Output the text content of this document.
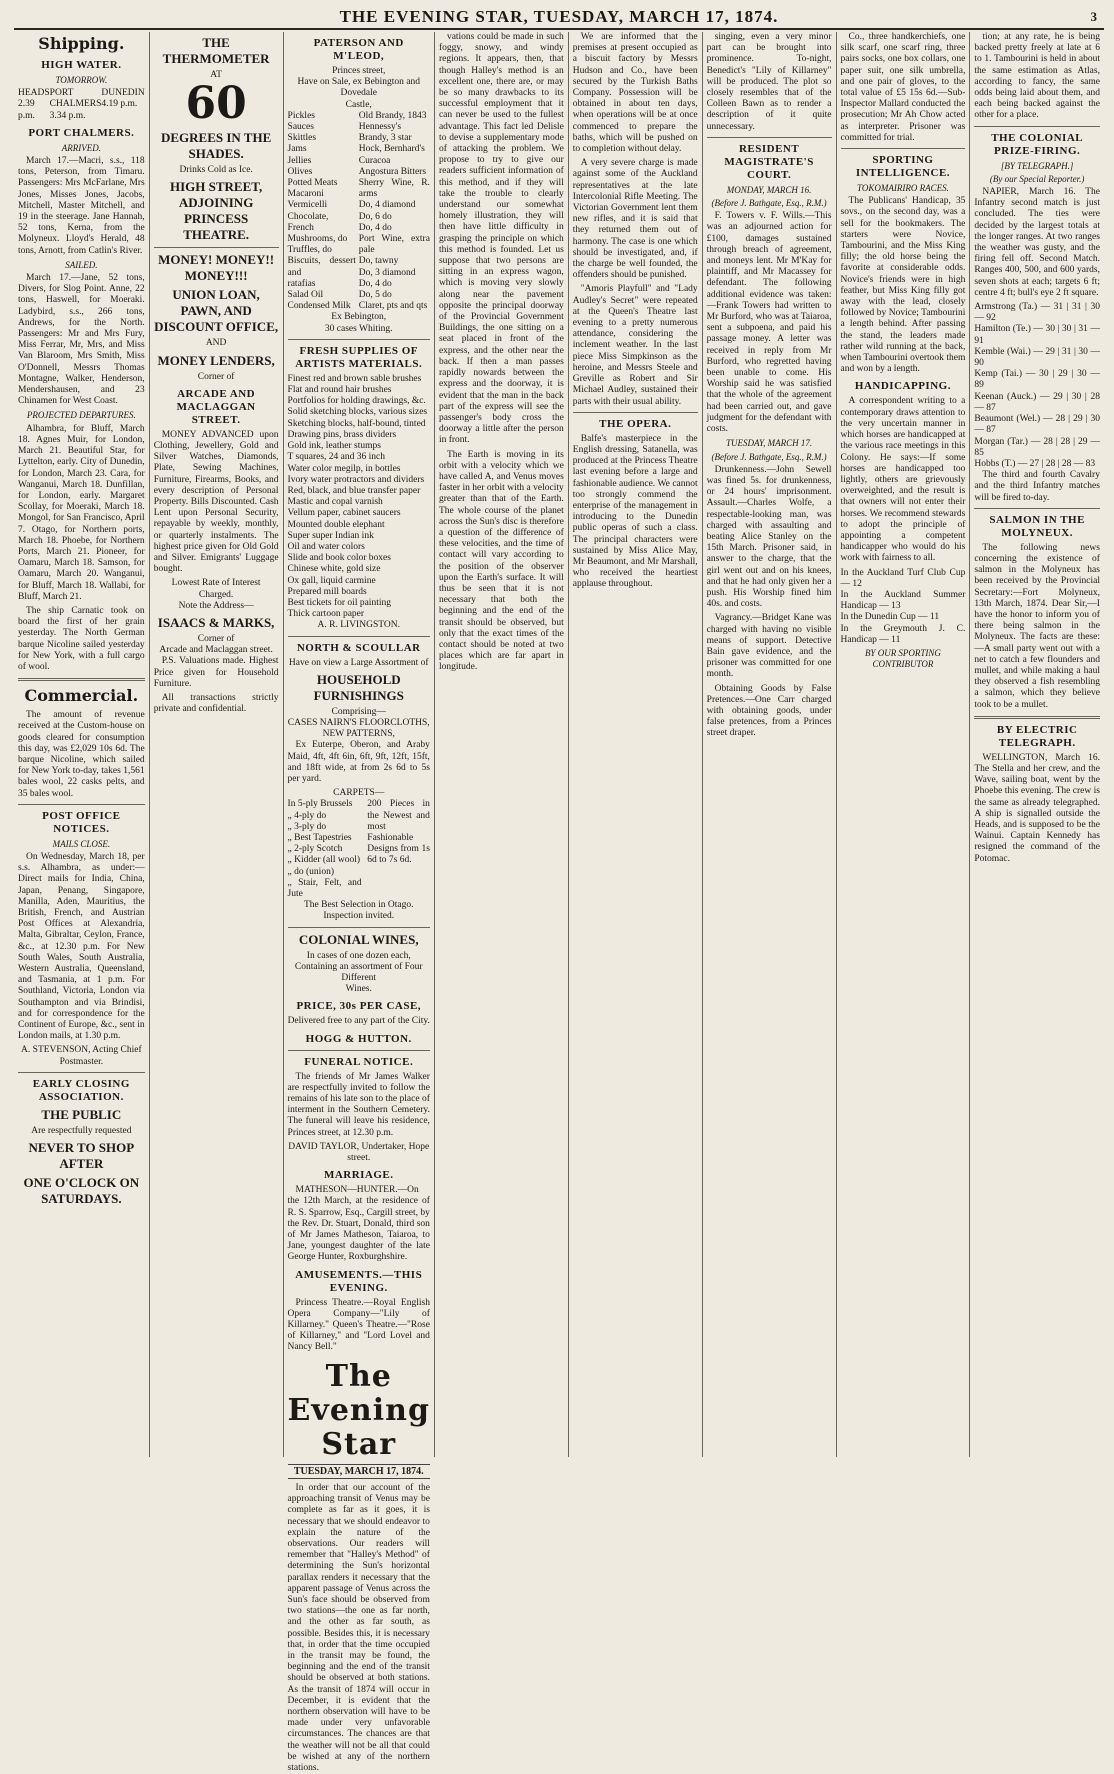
THE EVENING STAR, TUESDAY, MARCH 17, 1874.	3
Shipping.
HIGH WATER.
TOMORROW.
HEADS 2.39 p.m.
PORT CHALMERS 3.34 p.m.
DUNEDIN 4.19 p.m.
PORT CHALMERS.
ARRIVED.

March 17.—Macri, s.s., 118 tons, Peterson, from Timaru. Passengers: Mrs McFarlane, Mrs Jones, Misses Jones, Jacobs, Mitchell, Master Mitchell, and 19 in the steerage. Jane Hannah, 52 tons, Kerna, from the Molyneux. Lloyd's Herald, 48 tons, Arnott, from Catlin's River.

SAILED.

March 17.—Jane, 52 tons, Divers, for Slog Point. Anne, 22 tons, Haswell, for Moeraki. Ladybird, s.s., 266 tons, Andrews, for the North. Passengers: Mr and Mrs Fury, Miss Ferrar, Mr, Mrs, and Miss Van Blaroom, Mrs Smith, Miss O'Donnell, Messrs Thomas Montagne, Walker, Henderson, Mendershausen, and 23 Chinamen for West Coast.

PROJECTED DEPARTURES.

Alhambra, for Bluff, March 18. Agnes Muir, for London, March 21. Beautiful Star, for Lyttelton, early. City of Dunedin, for London, March 23. Cara, for Wanganui, March 18. Dunfillan, for London, early. Margaret Scollay, for Moeraki, March 18. Mongol, for San Francisco, April 7. Otago, for Northern ports, March 18. Phoebe, for Northern Ports, March 21. Pioneer, for Oamaru, March 18. Samson, for Oamaru, March 20. Wanganui, for Bluff, March 18. Wallabi, for Bluff, March 21.

The ship Carnatic took on board the first of her grain yesterday. The North German barque Nicoline sailed yesterday for New York, with a full cargo of wool.

Commercial.

The amount of revenue received at the Custom-house on goods cleared for consumption this day, was £2,029 10s 6d. The barque Nicoline, which sailed for New York to-day, takes 1,561 bales wool, 22 casks pelts, and 35 bales wool.

POST OFFICE NOTICES.
MAILS CLOSE.

On Wednesday, March 18, per s.s. Alhambra, as under:— Direct mails for India, China, Japan, Penang, Singapore, Manilla, Aden, Mauritius, the British, French, and Austrian Post Offices at Alexandria, Malta, Gibraltar, Ceylon, France, &c., at 12.30 p.m. For New South Wales, South Australia, Western Australia, Queensland, and Tasmania, at 1 p.m. For Southland, Victoria, London via Southampton and via Brindisi, and for correspondence for the Continent of Europe, &c., sent in London mails, at 1.30 p.m.

A. STEVENSON, Acting Chief Postmaster.
EARLY CLOSING ASSOCIATION.
THE PUBLIC
Are respectfully requested
NEVER TO SHOP AFTER
ONE O'CLOCK ON SATURDAYS.
THE THERMOMETER
AT
60
DEGREES IN THE SHADES.
Drinks Cold as Ice.
HIGH STREET, ADJOINING PRINCESS THEATRE.
MONEY! MONEY!! MONEY!!!
UNION LOAN, PAWN, AND DISCOUNT OFFICE,
AND
MONEY LENDERS,
Corner of
ARCADE AND MACLAGGAN STREET.

MONEY ADVANCED upon Clothing, Jewellery, Gold and Silver Watches, Diamonds, Plate, Sewing Machines, Furniture, Firearms, Books, and every description of Personal Property. Bills Discounted. Cash Lent upon Personal Security, repayable by weekly, monthly, or quarterly instalments. The highest price given for Old Gold and Silver. Emigrants' Luggage bought.

Lowest Rate of Interest Charged.
Note the Address—
ISAACS & MARKS,
Corner of
Arcade and Maclaggan street.

P.S. Valuations made. Highest Price given for Household Furniture.

All transactions strictly private and confidential.

PATERSON AND M'LEOD,
Princes street,
Have on Sale, ex Bebington and Dovedale
Castle,
Pickles
Sauces
Skittles
Jams
Jellies
Olives
Potted Meats
Macaroni
Vermicelli
Chocolate, French
Mushrooms, do
Truffles, do
Biscuits, dessert and
ratafias
Salad Oil
Condensed Milk
Old Brandy, 1843
Hennessy's Brandy, 3 star
Hock, Bernhard's
Curacoa
Angostura Bitters
Sherry Wine, R. arms
Do, 4 diamond
Do, 6 do
Do, 4 do
Port Wine, extra pale
Do, tawny
Do, 3 diamond
Do, 4 do
Do, 5 do
Claret, pts and qts
Ex Bebington,
30 cases Whiting.
FRESH SUPPLIES OF ARTISTS MATERIALS.
Finest red and brown sable brushes
Flat and round hair brushes
Portfolios for holding drawings, &c.
Solid sketching blocks, various sizes
Sketching blocks, half-bound, tinted
Drawing pins, brass dividers
Gold ink, leather stumps
T squares, 24 and 36 inch
Water color megilp, in bottles
Ivory water protractors and dividers
Red, black, and blue transfer paper
Mastic and copal varnish
Vellum paper, cabinet saucers
Mounted double elephant
Super super Indian ink
Oil and water colors
Slide and book color boxes
Chinese white, gold size
Ox gall, liquid carmine
Prepared mill boards
Best tickets for oil painting
Thick cartoon paper
A. R. LIVINGSTON.
NORTH & SCOULLAR
Have on view a Large Assortment of
HOUSEHOLD FURNISHINGS
Comprising—
CASES NAIRN'S FLOORCLOTHS, NEW PATTERNS,

Ex Euterpe, Oberon, and Araby Maid, 4ft, 4ft 6in, 6ft, 9ft, 12ft, 15ft, and 18ft wide, at from 2s 6d to 5s per yard.

CARPETS—
In 5-ply Brussels
„ 4-ply do
„ 3-ply do
„ Best Tapestries
„ 2-ply Scotch
„ Kidder (all wool)
„ do (union)
„ Stair, Felt, and Jute
200 Pieces in the Newest and most Fashionable Designs from 1s 6d to 7s 6d.
The Best Selection in Otago.
Inspection invited.
COLONIAL WINES,
In cases of one dozen each,
Containing an assortment of Four Different
Wines.
PRICE, 30s PER CASE,
Delivered free to any part of the City.
HOGG & HUTTON.
FUNERAL NOTICE.

The friends of Mr James Walker are respectfully invited to follow the remains of his late son to the place of interment in the Southern Cemetery. The funeral will leave his residence, Princes street, at 12.30 p.m.

DAVID TAYLOR, Undertaker, Hope street.
MARRIAGE.

MATHESON—HUNTER.—On the 12th March, at the residence of R. S. Sparrow, Esq., Cargill street, by the Rev. Dr. Stuart, Donald, third son of Mr James Matheson, Taiaroa, to Jane, youngest daughter of the late George Hunter, Roxburghshire.

AMUSEMENTS.—THIS EVENING.

Princess Theatre.—Royal English Opera Company—"Lily of Killarney." Queen's Theatre.—"Rose of Killarney," and "Lord Lovel and Nancy Bell."

The Evening Star
TUESDAY, MARCH 17, 1874.

In order that our account of the approaching transit of Venus may be complete as far as it goes, it is necessary that we should endeavor to explain the nature of the observations. Our readers will remember that "Halley's Method" of determining the Sun's horizontal parallax renders it necessary that the apparent passage of Venus across the Sun's face should be observed from two stations—the one as far north, and the other as far south, as possible. Besides this, it is necessary that, in order that the time occupied in the transit may be found, the beginning and the end of the transit should be observed at both stations. As the transit of 1874 will occur in December, it is evident that the northern observation will have to be made under very unfavorable circumstances. The chances are that the weather will not be all that could be wished at any of the northern stations.

vations could be made in such foggy, snowy, and windy regions. It appears, then, that though Halley's method is an excellent one, there are, or may be so many drawbacks to its successful employment that it can never be used to the fullest advantage. This fact led Delisle to devise a supplementary mode of attacking the problem. We propose to try to give our readers sufficient information of this method, and if they will take the trouble to clearly understand our somewhat homely illustration, they will then have little difficulty in grasping the principle on which this method is founded. Let us suppose that two persons are sitting in an express wagon, which is moving very slowly along near the pavement opposite the principal doorway of the Provincial Government Buildings, the one sitting on a seat placed in front of the express, and the other near the back. If then a man passes rapidly nowards between the express and the doorway, it is evident that the man in the back part of the express will see the passenger's body cross the doorway a little after the person in front.

The Earth is moving in its orbit with a velocity which we have called A, and Venus moves faster in her orbit with a velocity greater than that of the Earth. The whole course of the planet across the Sun's disc is therefore a question of the difference of these velocities, and the time of contact will vary according to the position of the observer upon the Earth's surface. It will thus be seen that it is not necessary that both the beginning and the end of the transit should be observed, but only that the exact times of the contact should be noted at two places which are far apart in longitude.

We are informed that the premises at present occupied as a biscuit factory by Messrs Hudson and Co., have been secured by the Turkish Baths Company. Possession will be obtained in about ten days, when operations will be at once commenced to prepare the baths, which will be pushed on to completion without delay.

A very severe charge is made against some of the Auckland representatives at the late Intercolonial Rifle Meeting. The Victorian Government lent them new rifles, and it is said that they returned them out of harmony. The case is one which should be investigated, and, if the charge be well founded, the offenders should be punished.

"Amoris Playfull" and "Lady Audley's Secret" were repeated at the Queen's Theatre last evening to a pretty numerous attendance, considering the inclement weather. In the last piece Miss Simpkinson as the heroine, and Messrs Steele and Greville as Robert and Sir Michael Audley, sustained their parts with their usual ability.

THE OPERA.

Balfe's masterpiece in the English dressing, Satanella, was produced at the Princess Theatre last evening before a large and fashionable audience. We cannot too strongly commend the enterprise of the management in introducing to the Dunedin public operas of such a class. The principal characters were sustained by Miss Alice May, Mr Beaumont, and Mr Marshall, who received the heartiest applause throughout.

singing, even a very minor part can be brought into prominence. To-night, Benedict's "Lily of Killarney" will be produced. The plot so closely resembles that of the Colleen Bawn as to render a description of it quite unnecessary.

RESIDENT MAGISTRATE'S COURT.
MONDAY, MARCH 16.
(Before J. Bathgate, Esq., R.M.)

F. Towers v. F. Wills.—This was an adjourned action for £100, damages sustained through breach of agreement, and moneys lent. Mr M'Kay for plaintiff, and Mr Macassey for defendant. The following additional evidence was taken:—Frank Towers had written to Mr Burford, who was at Taiaroa, sent a subpoena, and paid his passage money. A letter was received in reply from Mr Burford, who regretted having been unable to come. His Worship said he was satisfied that the whole of the agreement had been carried out, and gave judgment for the defendant with costs.

TUESDAY, MARCH 17.
(Before J. Bathgate, Esq., R.M.)

Drunkenness.—John Sewell was fined 5s. for drunkenness, or 24 hours' imprisonment. Assault.—Charles Wolfe, a respectable-looking man, was charged with assaulting and beating Alice Stanley on the 15th March. Prisoner said, in answer to the charge, that the girl went out and on his knees, and that he had only given her a push. His Worship fined him 40s. and costs.

Vagrancy.—Bridget Kane was charged with having no visible means of support. Detective Bain gave evidence, and the prisoner was committed for one month.

Obtaining Goods by False Pretences.—One Carr charged with obtaining goods, under false pretences, from a Princes street draper.

Co., three handkerchiefs, one silk scarf, one scarf ring, three pairs socks, one box collars, one paper suit, one silk umbrella, and one pair of gloves, to the total value of £5 15s 6d.—Sub-Inspector Mallard conducted the prosecution; Mr Ah Chow acted as interpreter. Prisoner was committed for trial.

SPORTING INTELLIGENCE.
TOKOMAIRIRO RACES.

The Publicans' Handicap, 35 sovs., on the second day, was a sell for the bookmakers. The starters were Novice, Tambourini, and the Miss King filly; the old horse being the favorite at considerable odds. Novice's friends were in high feather, but Miss King filly got away with the lead, closely followed by Novice; Tambourini a length behind. After passing the stand, the leaders made rather wild running at the back, when Tambourini overtook them and won by a length.

HANDICAPPING.

A correspondent writing to a contemporary draws attention to the very uncertain manner in which horses are handicapped at the various race meetings in this Colony. He says:—If some horses are handicapped too lightly, others are grievously overweighted, and the result is that owners will not enter their horses. We recommend stewards to adopt the principle of appointing a competent handicapper who would do his work with fairness to all.

In the Auckland Turf Club Cup — 12
In the Auckland Summer Handicap — 13
In the Dunedin Cup — 11
In the Greymouth J. C. Handicap — 11
BY OUR SPORTING CONTRIBUTOR

tion; at any rate, he is being backed pretty freely at late at 6 to 1. Tambourini is held in about the same estimation as Atlas, according to fancy, the same odds being laid about them, and each being backed against the other for a place.

THE COLONIAL PRIZE-FIRING.
[BY TELEGRAPH.]
(By our Special Reporter.)

NAPIER, March 16. The Infantry second match is just concluded. The ties were decided by the largest totals at the longer ranges. At two ranges the weather was gusty, and the firing fell off. Second Match. Ranges 400, 500, and 600 yards, seven shots at each; targets 6 ft; centre 4 ft; bull's eye 2 ft square.

Armstrong (Ta.) — 31 | 31 | 30 — 92
Hamilton (Te.) — 30 | 30 | 31 — 91
Kemble (Wai.) — 29 | 31 | 30 — 90
Kemp (Tai.) — 30 | 29 | 30 — 89
Keenan (Auck.) — 29 | 30 | 28 — 87
Beaumont (Wel.) — 28 | 29 | 30 — 87
Morgan (Tar.) — 28 | 28 | 29 — 85
Hobbs (T.) — 27 | 28 | 28 — 83

The third and fourth Cavalry and the third Infantry matches will be fired to-day.

SALMON IN THE MOLYNEUX.

The following news concerning the existence of salmon in the Molyneux has been received by the Provincial Secretary:—Fort Molyneux, 13th March, 1874. Dear Sir,—I have the honor to inform you of there being salmon in the Molyneux. The facts are these:—A small party went out with a net to catch a few flounders and mullet, and while making a haul they observed a fish resembling a salmon, which they believe took to be a mullet.

BY ELECTRIC TELEGRAPH.

WELLINGTON, March 16. The Stella and her crew, and the Wave, sailing boat, went by the Phoebe this evening. The crew is the same as already telegraphed. A ship is signalled outside the Heads, and is supposed to be the Wainui. Captain Kennedy has resigned the command of the Potomac.
